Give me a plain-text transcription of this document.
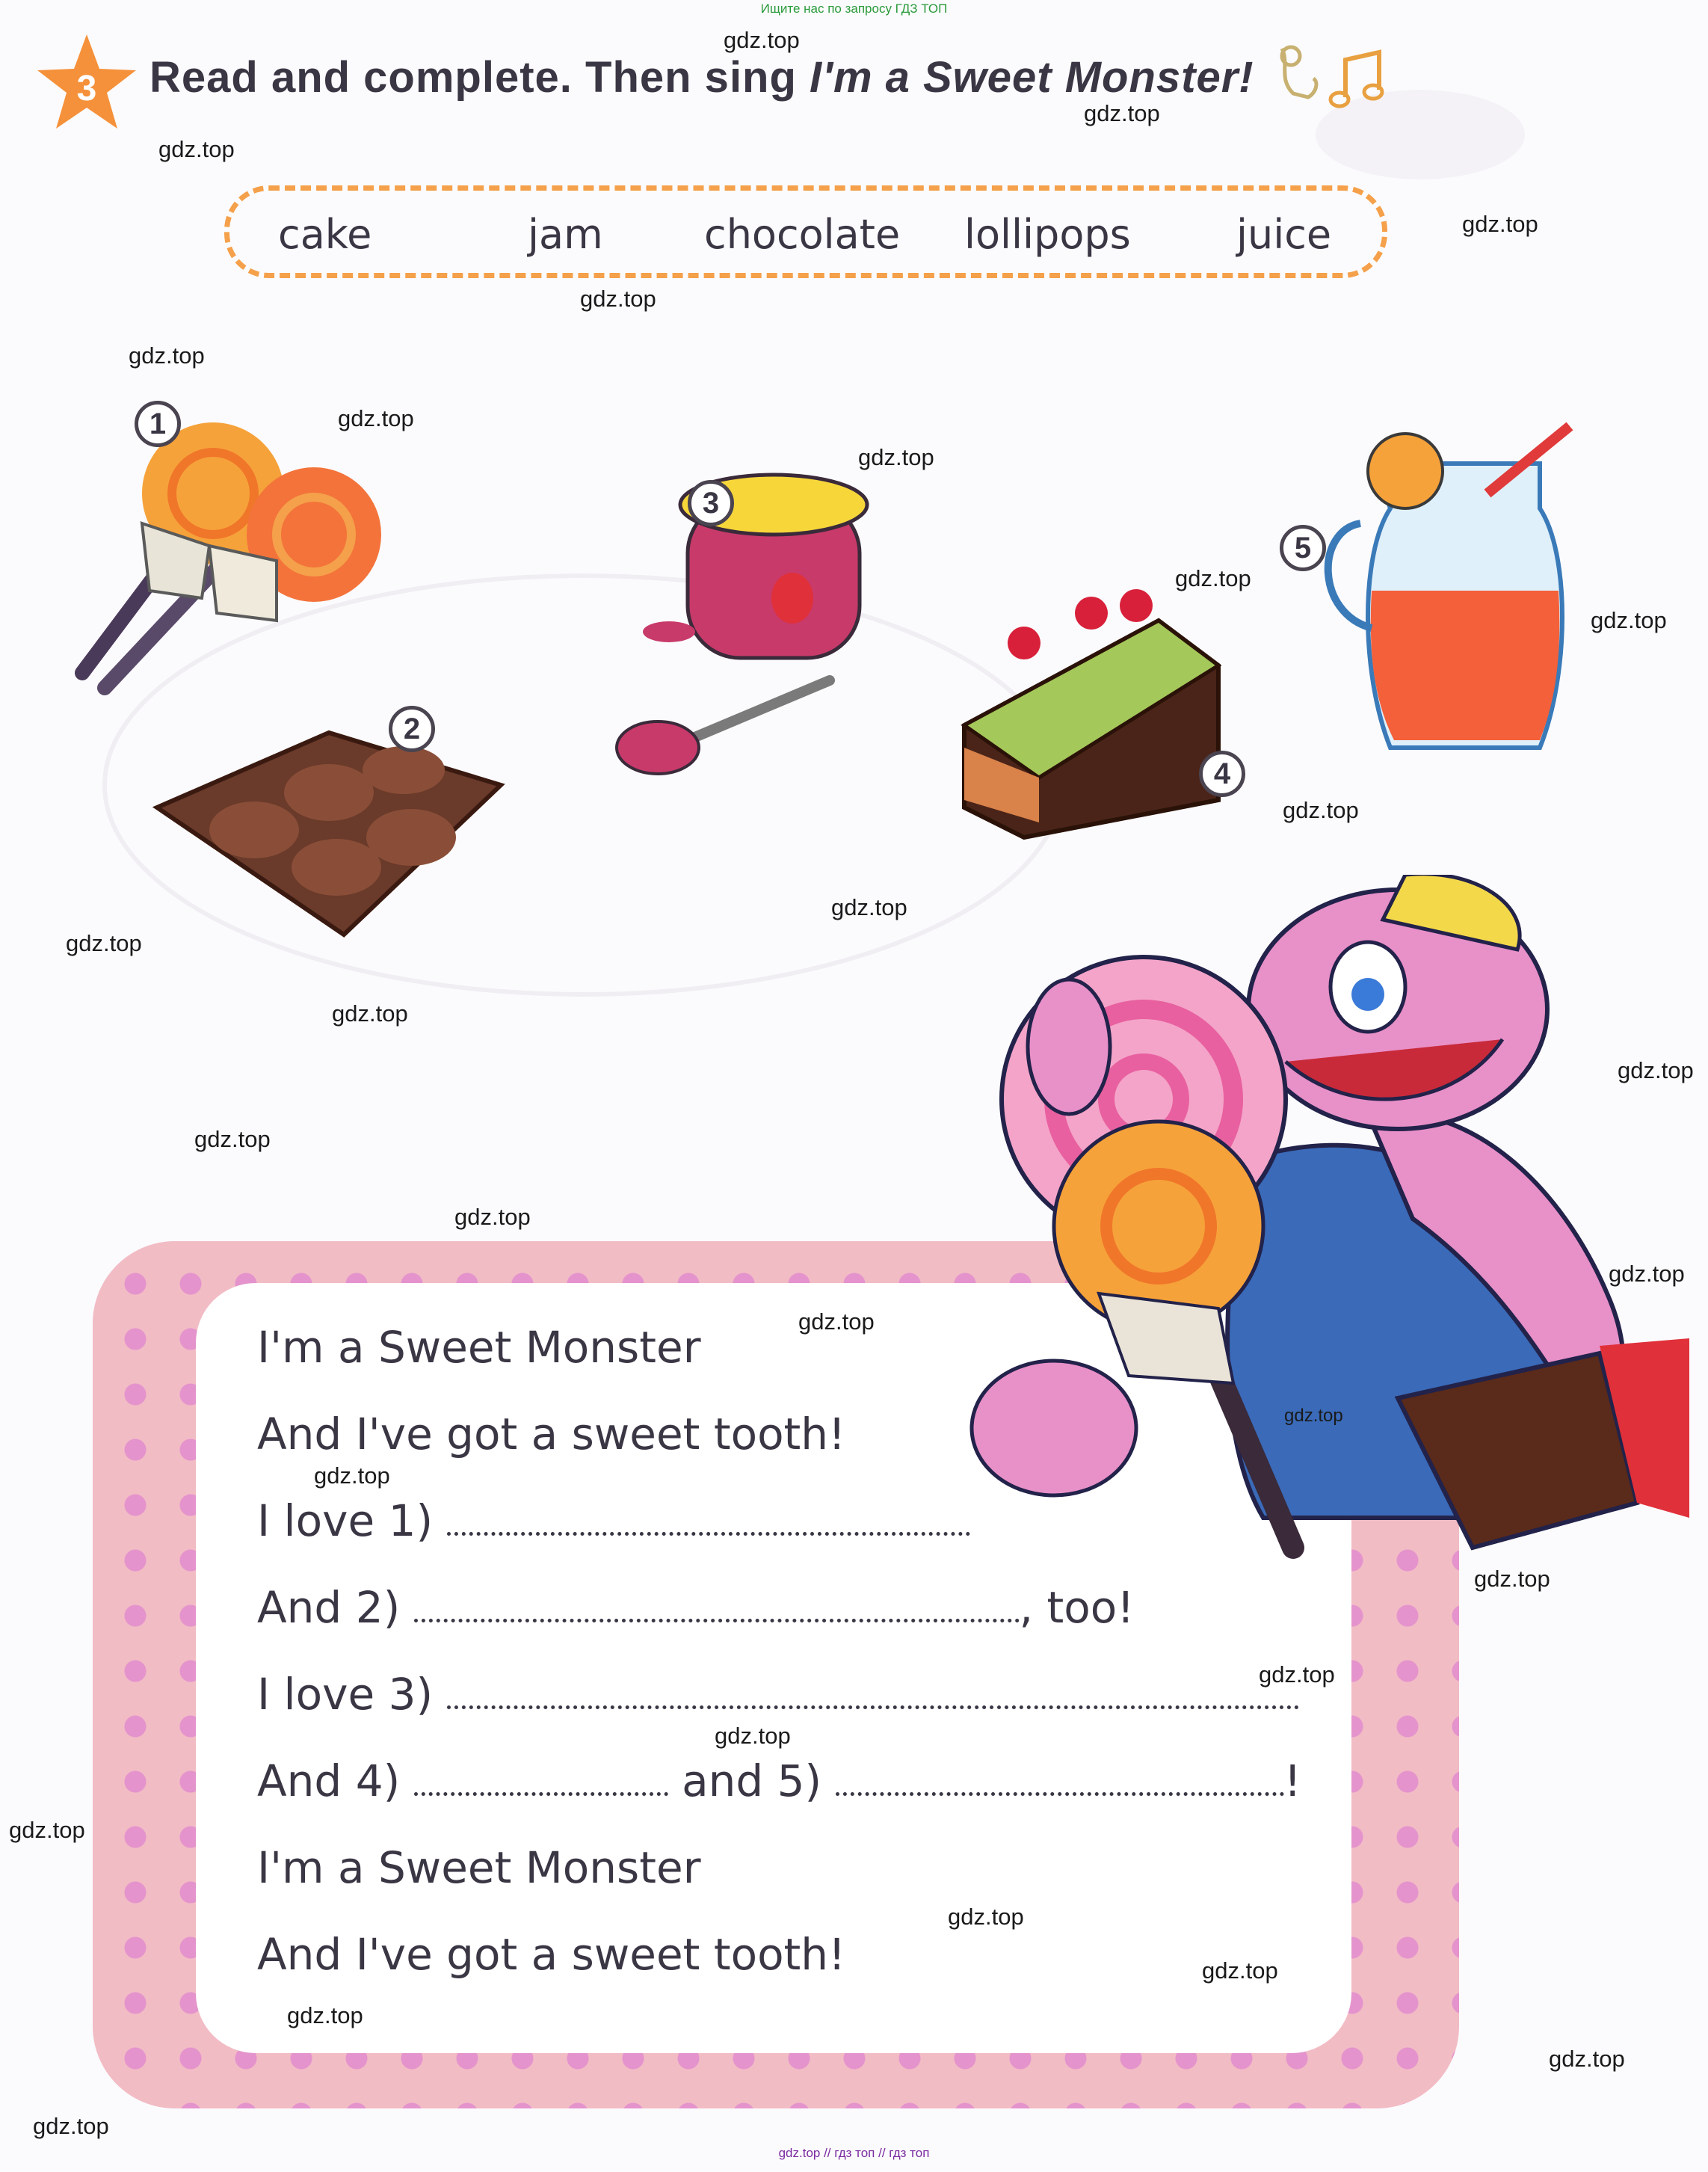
Ищите нас по запросу ГДЗ ТОП
gdz.top // гдз топ // гдз топ
3	Read and complete. Then sing I'm a Sweet Monster!
cake	jam	chocolate lollipops	juice
1
2
3
4
5
I'm a Sweet Monster
And I've got a sweet tooth!
I love 1)
And 2)	, too!
I love 3)
And 4)	and 5)	!
I'm a Sweet Monster
And I've got a sweet tooth!
gdz.top
gdz.top
gdz.top
gdz.top
gdz.top
gdz.top
gdz.top
gdz.top
gdz.top
gdz.top
gdz.top
gdz.top
gdz.top
gdz.top
gdz.top
gdz.top
gdz.top
gdz.top
gdz.top
gdz.top
gdz.top
gdz.top
gdz.top
gdz.top
gdz.top
gdz.top
gdz.top
gdz.top
gdz.top
gdz.top
